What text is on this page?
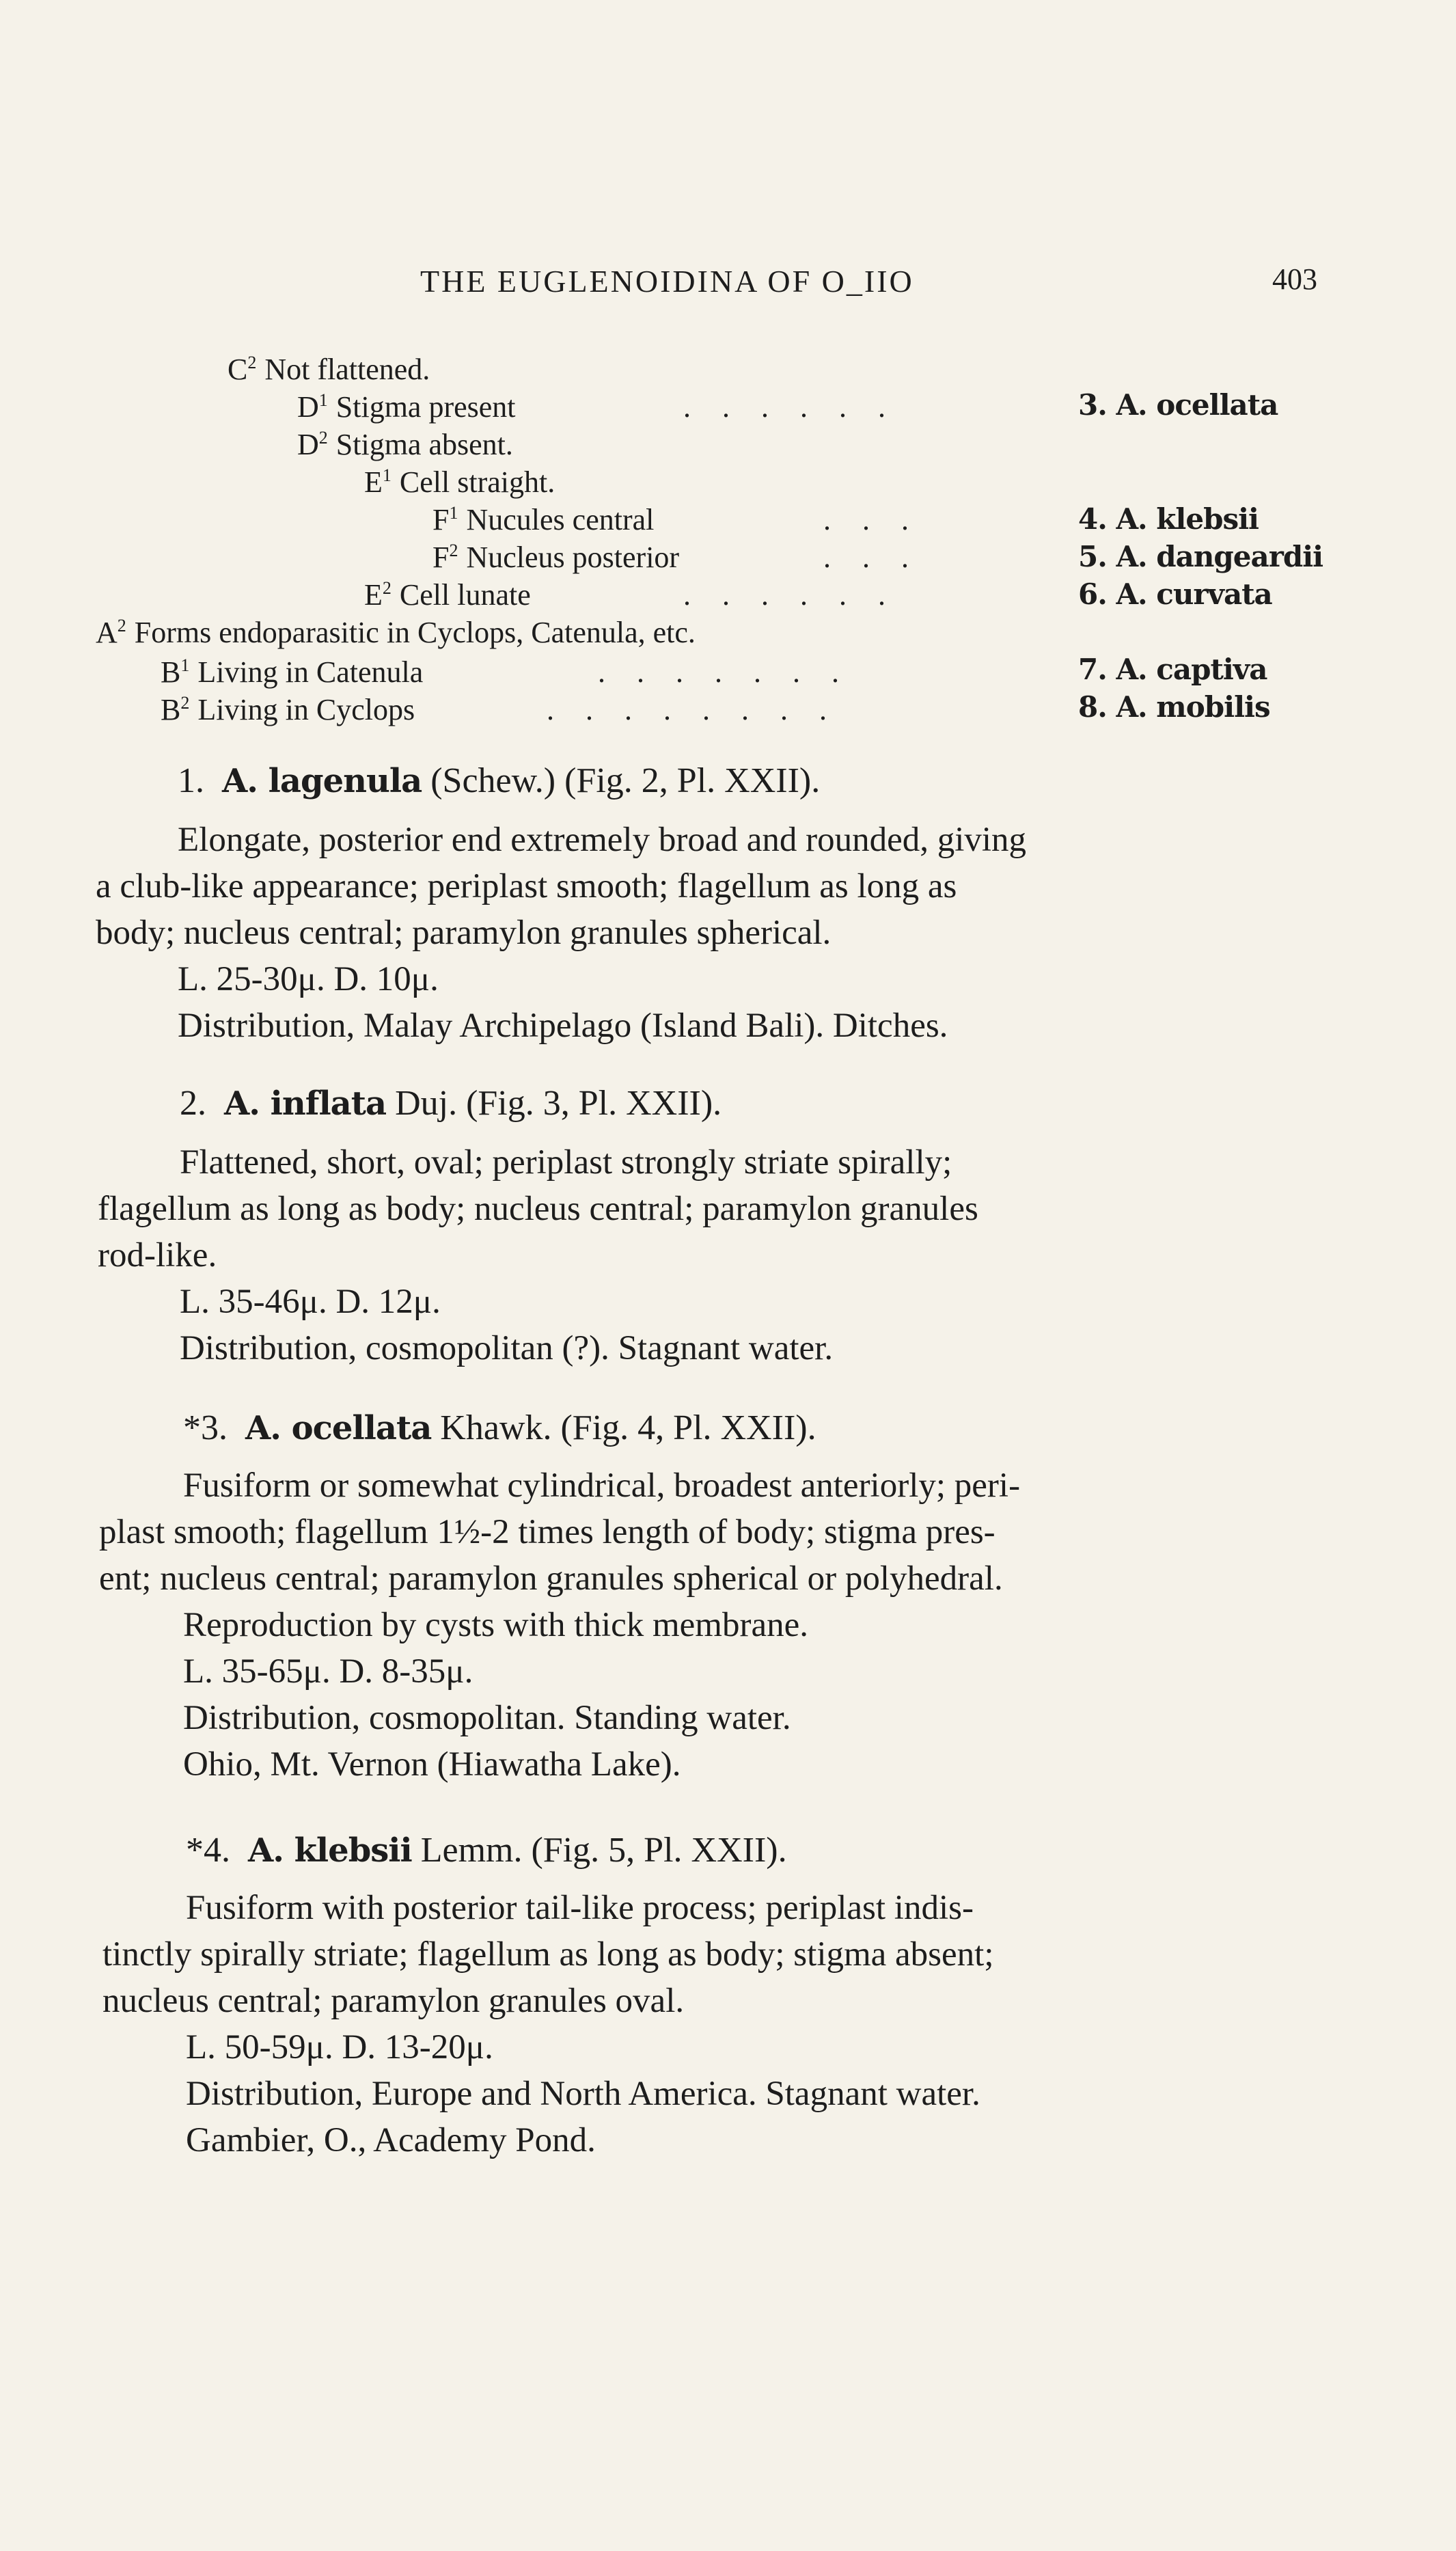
THE EUGLENOIDINA OF O_IIO	403
$C^2$ Not flattened.
$D^1$ Stigma present	......	3. A. ocellata
$D^2$ Stigma absent.
$E^1$ Cell straight.
$F^1$ Nucules central	...	4. A. klebsii
$F^2$ Nucleus posterior	...	5. A. dangeardii
$E^2$ Cell lunate	......	6. A. curvata
$A^2$ Forms endoparasitic in Cyclops, Catenula, etc.
$B^1$ Living in Catenula	.......	7. A. captiva
$B^2$ Living in Cyclops	........	8. A. mobilis
1. A. lagenula (Schew.) (Fig. 2, Pl. XXII).
Elongate, posterior end extremely broad and rounded, giving
a club-like appearance; periplast smooth; flagellum as long as
body; nucleus central; paramylon granules spherical.
L. 25-30μ. D. 10μ.
Distribution, Malay Archipelago (Island Bali). Ditches.
2. A. inflata Duj. (Fig. 3, Pl. XXII).
Flattened, short, oval; periplast strongly striate spirally;
flagellum as long as body; nucleus central; paramylon granules
rod-like.
L. 35-46μ. D. 12μ.
Distribution, cosmopolitan (?). Stagnant water.
*3. A. ocellata Khawk. (Fig. 4, Pl. XXII).
Fusiform or somewhat cylindrical, broadest anteriorly; peri-
plast smooth; flagellum 1½-2 times length of body; stigma pres-
ent; nucleus central; paramylon granules spherical or polyhedral.
Reproduction by cysts with thick membrane.
L. 35-65μ. D. 8-35μ.
Distribution, cosmopolitan. Standing water.
Ohio, Mt. Vernon (Hiawatha Lake).
*4. A. klebsii Lemm. (Fig. 5, Pl. XXII).
Fusiform with posterior tail-like process; periplast indis-
tinctly spirally striate; flagellum as long as body; stigma absent;
nucleus central; paramylon granules oval.
L. 50-59μ. D. 13-20μ.
Distribution, Europe and North America. Stagnant water.
Gambier, O., Academy Pond.
